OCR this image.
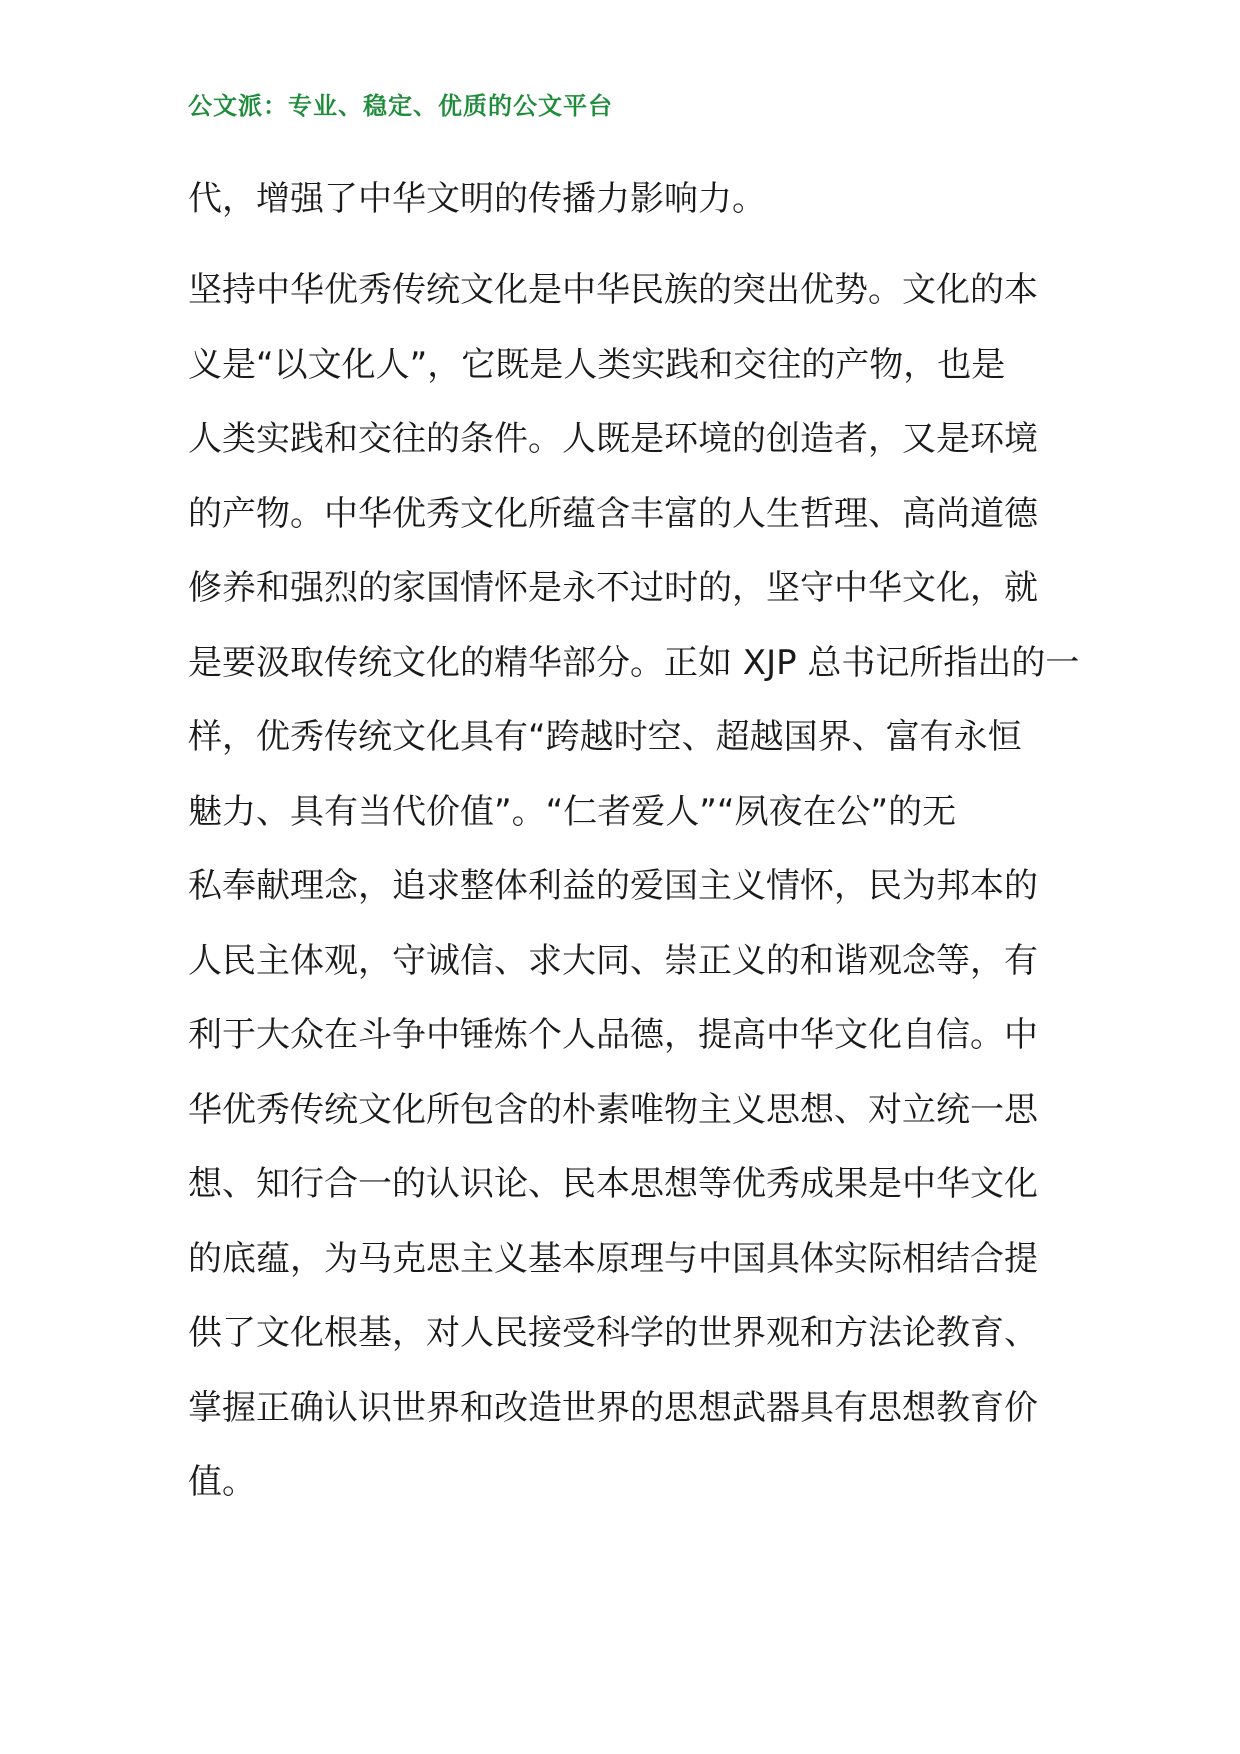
公文派：专业、稳定、优质的公文平台
代，增强了中华文明的传播力影响力。
坚持中华优秀传统文化是中华民族的突出优势。文化的本
义是“以文化人”，它既是人类实践和交往的产物，也是
人类实践和交往的条件。人既是环境的创造者，又是环境
的产物。中华优秀文化所蕴含丰富的人生哲理、高尚道德
修养和强烈的家国情怀是永不过时的，坚守中华文化，就
是要汲取传统文化的精华部分。正如 XJP 总书记所指出的一
样，优秀传统文化具有“跨越时空、超越国界、富有永恒
魅力、具有当代价值”。“仁者爱人”“夙夜在公”的无
私奉献理念，追求整体利益的爱国主义情怀，民为邦本的
人民主体观，守诚信、求大同、崇正义的和谐观念等，有
利于大众在斗争中锤炼个人品德，提高中华文化自信。中
华优秀传统文化所包含的朴素唯物主义思想、对立统一思
想、知行合一的认识论、民本思想等优秀成果是中华文化
的底蕴，为马克思主义基本原理与中国具体实际相结合提
供了文化根基，对人民接受科学的世界观和方法论教育、
掌握正确认识世界和改造世界的思想武器具有思想教育价
值。
